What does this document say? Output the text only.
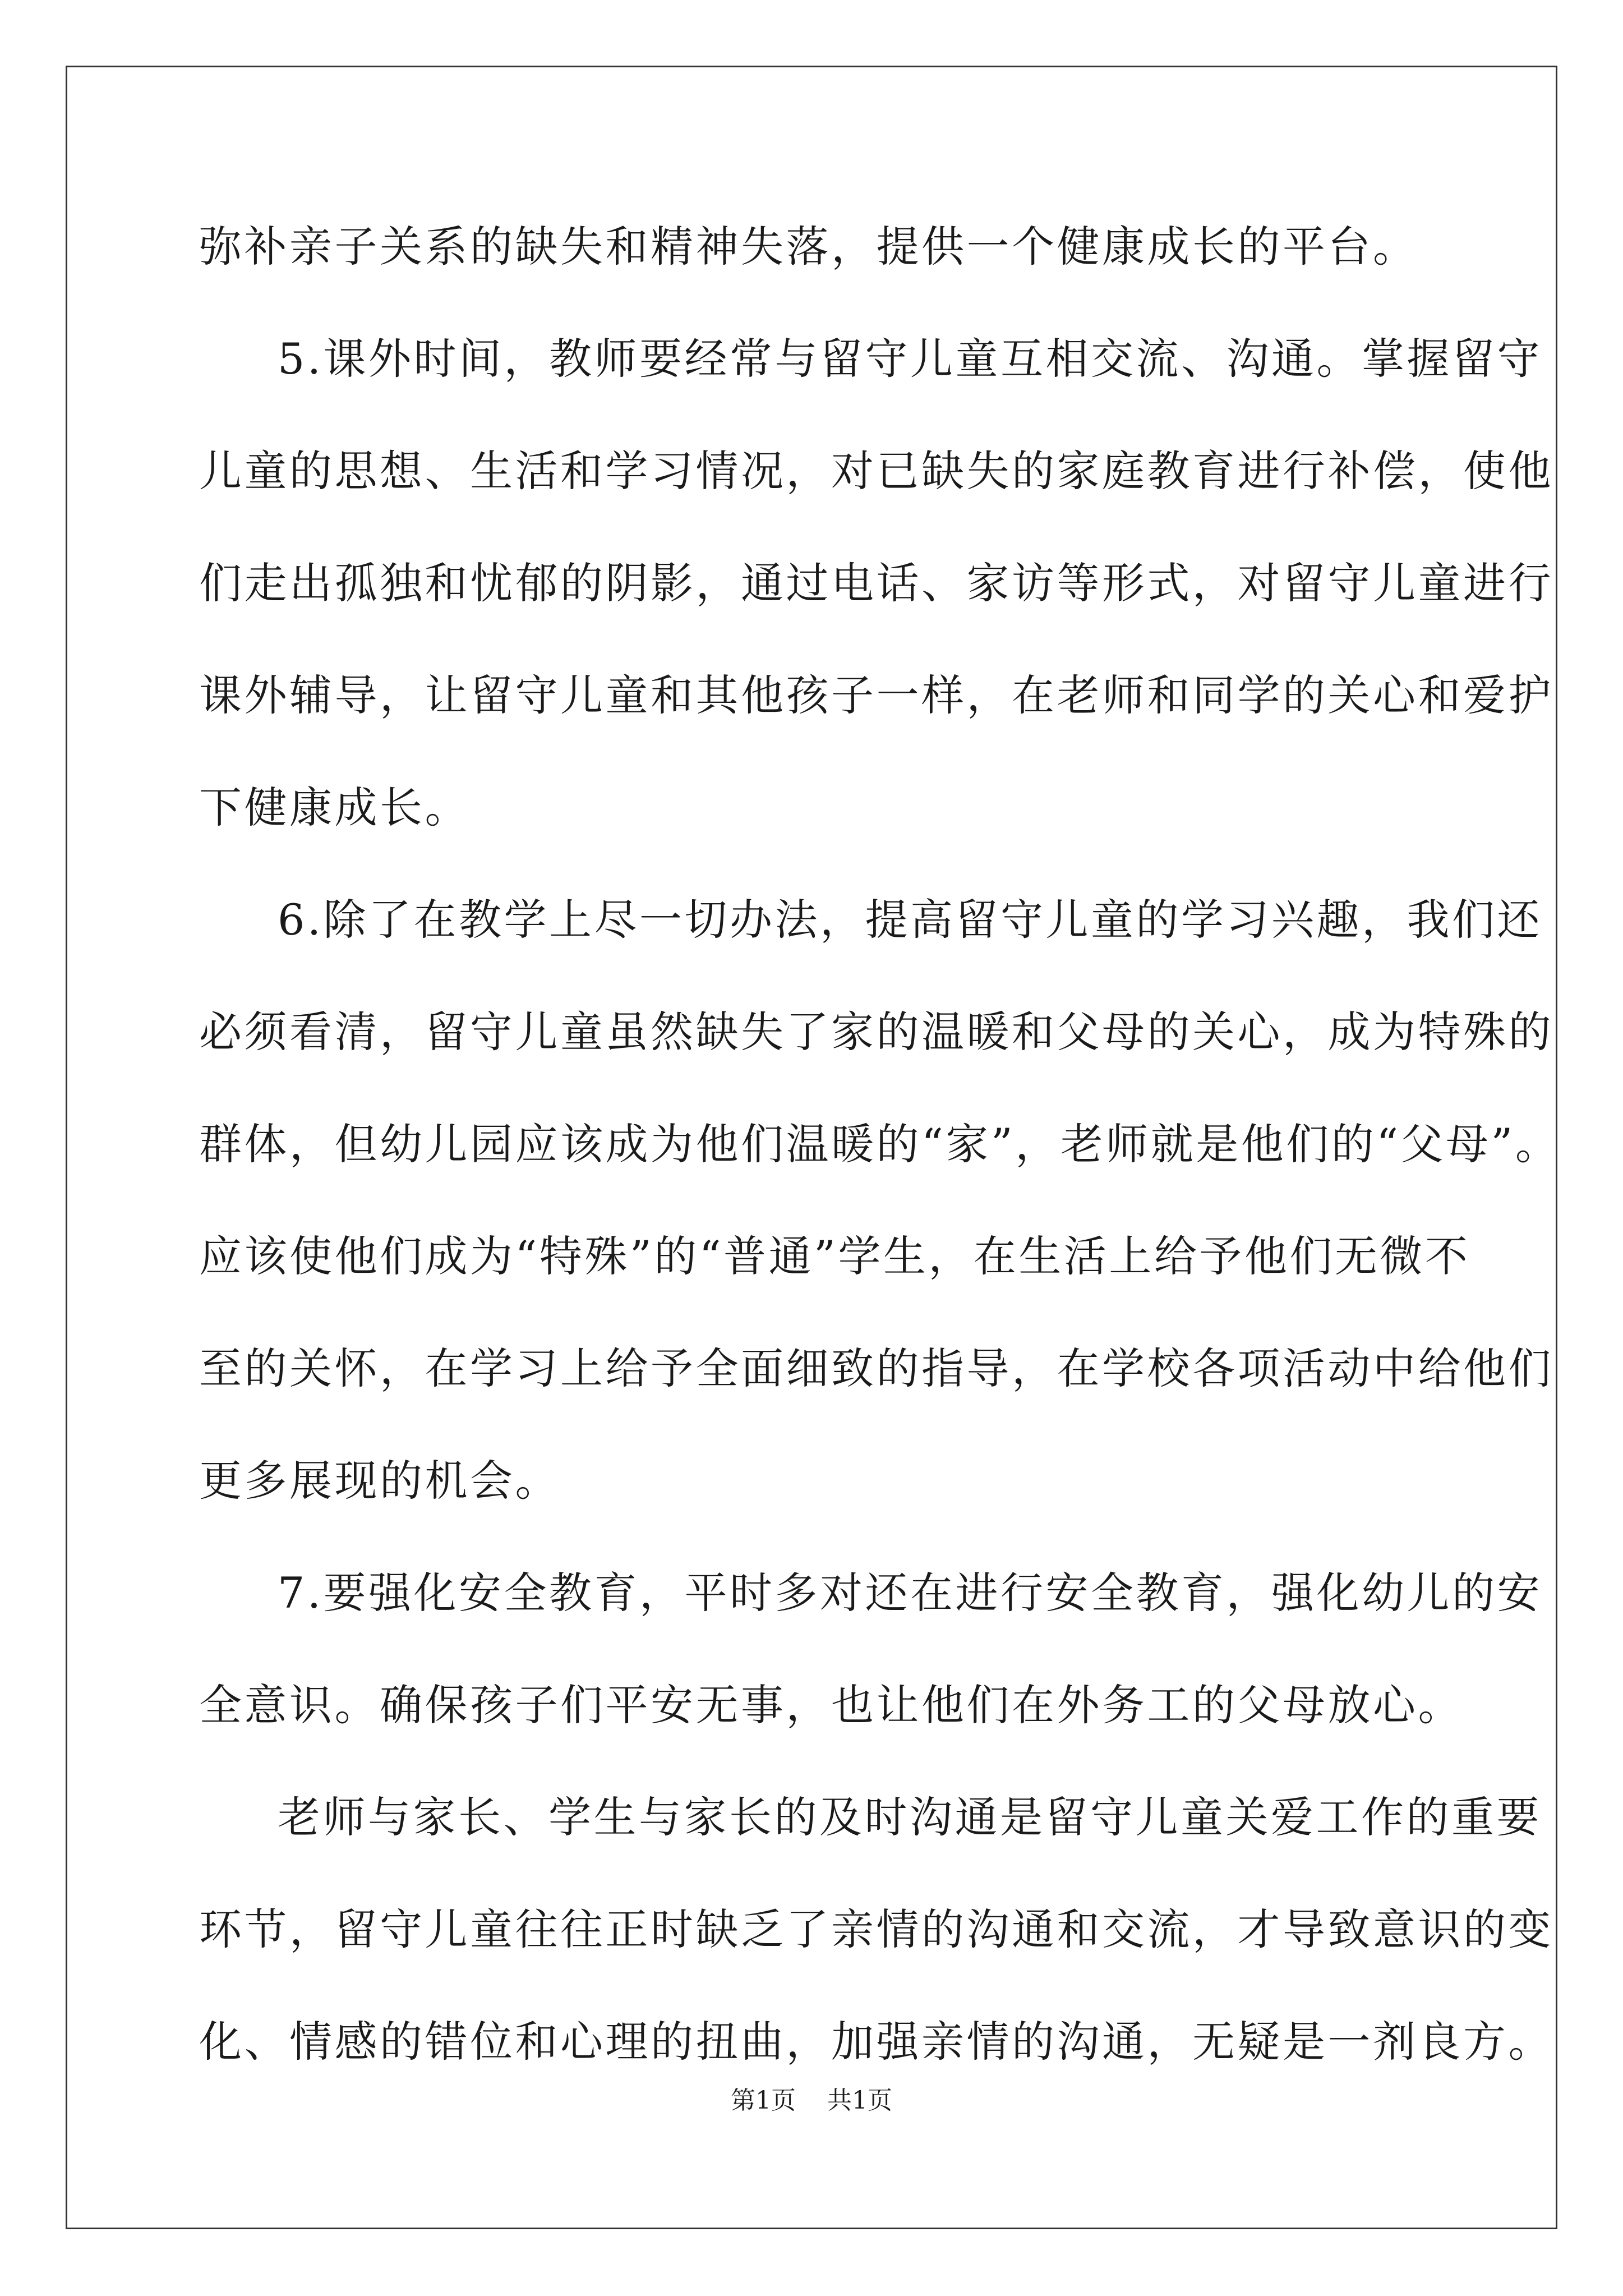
弥补亲子关系的缺失和精神失落，提供一个健康成长的平台。
5.课外时间，教师要经常与留守儿童互相交流、沟通。掌握留守
儿童的思想、生活和学习情况，对已缺失的家庭教育进行补偿，使他
们走出孤独和忧郁的阴影，通过电话、家访等形式，对留守儿童进行
课外辅导，让留守儿童和其他孩子一样，在老师和同学的关心和爱护
下健康成长。
6.除了在教学上尽一切办法，提高留守儿童的学习兴趣，我们还
必须看清，留守儿童虽然缺失了家的温暖和父母的关心，成为特殊的
群体，但幼儿园应该成为他们温暖的“家”，老师就是他们的“父母”。
应该使他们成为“特殊”的“普通”学生，在生活上给予他们无微不
至的关怀，在学习上给予全面细致的指导，在学校各项活动中给他们
更多展现的机会。
7.要强化安全教育，平时多对还在进行安全教育，强化幼儿的安
全意识。确保孩子们平安无事，也让他们在外务工的父母放心。
老师与家长、学生与家长的及时沟通是留守儿童关爱工作的重要
环节，留守儿童往往正时缺乏了亲情的沟通和交流，才导致意识的变
化、情感的错位和心理的扭曲，加强亲情的沟通，无疑是一剂良方。
第1页 共1页
